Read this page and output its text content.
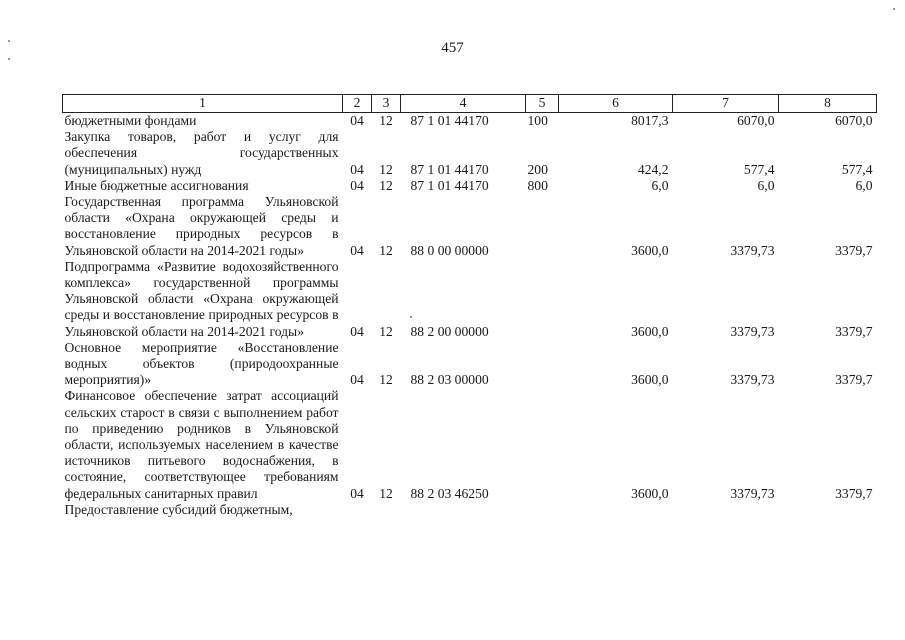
457
1	2	3	4	5	6	7	8
бюджетными фондами	04	12	87 1 01 44170	100	8017,3	6070,0	6070,0
Закупка товаров, работ и услуг для обеспечения государственных (муниципальных) нужд	04	12	87 1 01 44170	200	424,2	577,4	577,4
Иные бюджетные ассигнования	04	12	87 1 01 44170	800	6,0	6,0	6,0
Государственная программа Ульяновской области «Охрана окружающей среды и восстановление природных ресурсов в Ульяновской области на 2014-2021 годы»	04	12	88 0 00 00000		3600,0	3379,73	3379,7
Подпрограмма «Развитие водохозяйственного комплекса» государственной программы Ульяновской области «Охрана окружающей среды и восстановление природных ресурсов в Ульяновской области на 2014-2021 годы»	04	12	88 2 00 00000		3600,0	3379,73	3379,7
Основное мероприятие «Восстановление водных объектов (природоохранные мероприятия)»	04	12	88 2 03 00000		3600,0	3379,73	3379,7
Финансовое обеспечение затрат ассоциаций сельских старост в связи с выполнением работ по приведению родников в Ульяновской области, используемых населением в качестве источников питьевого водоснабжения, в состояние, соответствующее требованиям федеральных санитарных правил	04	12	88 2 03 46250		3600,0	3379,73	3379,7
Предоставление субсидий бюджетным,							
